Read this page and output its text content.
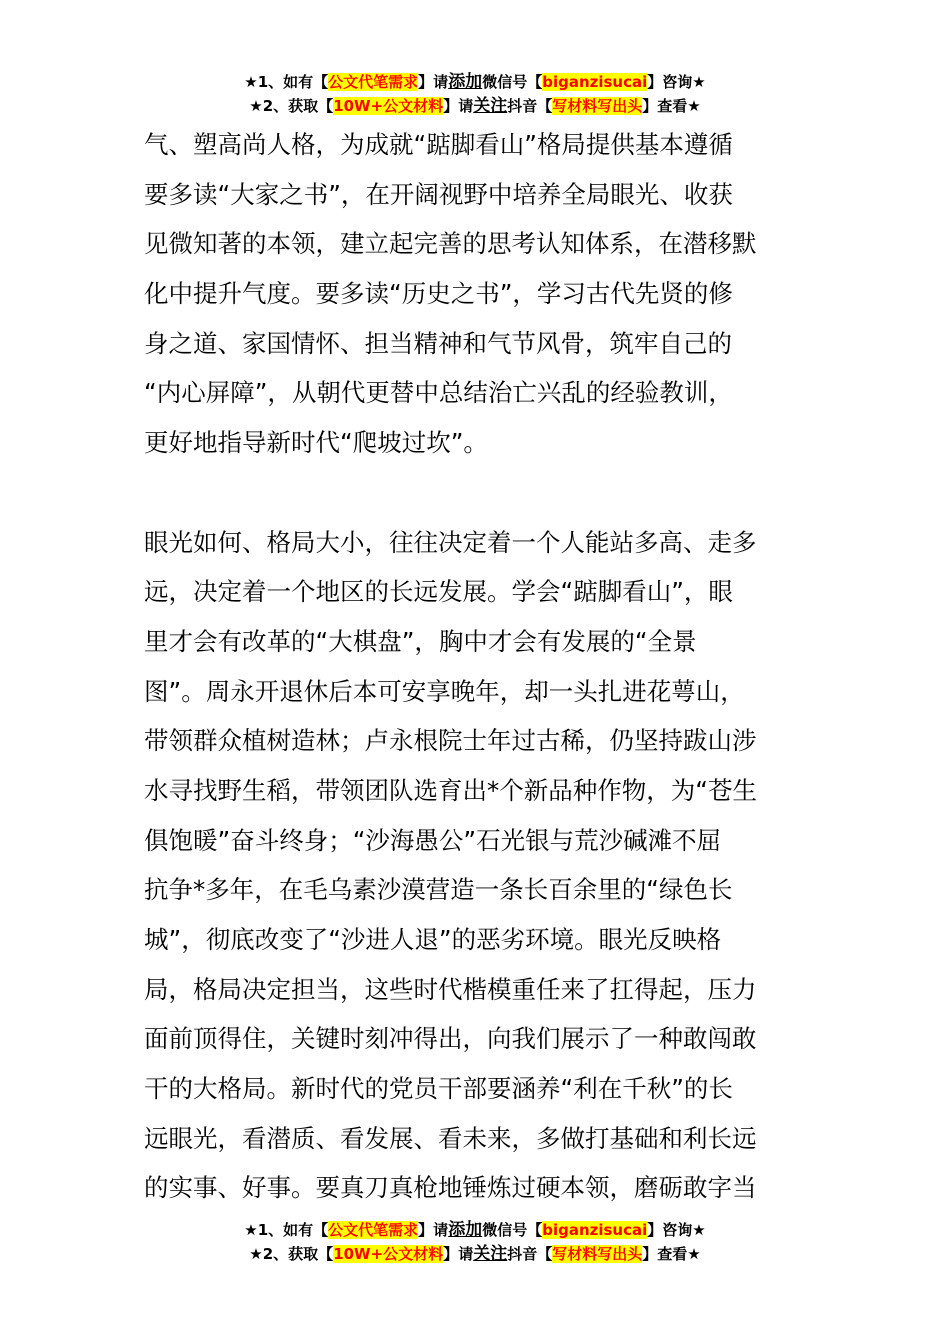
★1、如有【公文代笔需求】请添加微信号【biganzisucai】咨询★
★2、获取【10W+公文材料】请关注抖音【写材料写出头】查看★
气、塑高尚人格，为成就“踮脚看山”格局提供基本遵循
要多读“大家之书”，在开阔视野中培养全局眼光、收获
见微知著的本领，建立起完善的思考认知体系，在潜移默
化中提升气度。要多读“历史之书”，学习古代先贤的修
身之道、家国情怀、担当精神和气节风骨，筑牢自己的
“内心屏障”，从朝代更替中总结治亡兴乱的经验教训，
更好地指导新时代“爬坡过坎”。
眼光如何、格局大小，往往决定着一个人能站多高、走多
远，决定着一个地区的长远发展。学会“踮脚看山”，眼
里才会有改革的“大棋盘”，胸中才会有发展的“全景
图”。周永开退休后本可安享晚年，却一头扎进花萼山，
带领群众植树造林；卢永根院士年过古稀，仍坚持跋山涉
水寻找野生稻，带领团队选育出*个新品种作物，为“苍生
俱饱暖”奋斗终身；“沙海愚公”石光银与荒沙碱滩不屈
抗争*多年，在毛乌素沙漠营造一条长百余里的“绿色长
城”，彻底改变了“沙进人退”的恶劣环境。眼光反映格
局，格局决定担当，这些时代楷模重任来了扛得起，压力
面前顶得住，关键时刻冲得出，向我们展示了一种敢闯敢
干的大格局。新时代的党员干部要涵养“利在千秋”的长
远眼光，看潜质、看发展、看未来，多做打基础和利长远
的实事、好事。要真刀真枪地锤炼过硬本领，磨砺敢字当
★1、如有【公文代笔需求】请添加微信号【biganzisucai】咨询★
★2、获取【10W+公文材料】请关注抖音【写材料写出头】查看★
